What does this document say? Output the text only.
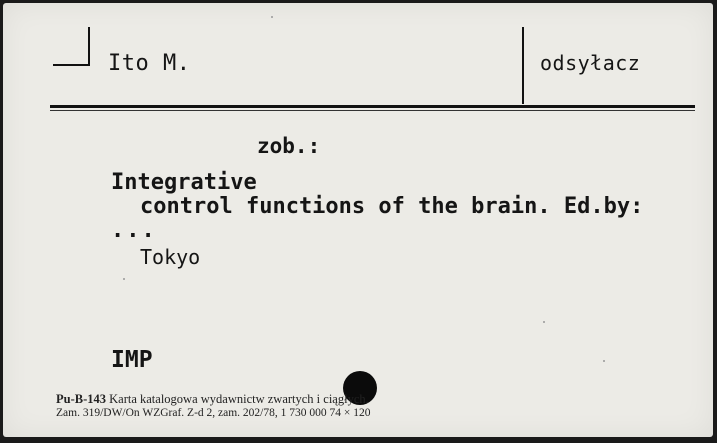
Ito M.	odsyłacz
zob.:
Integrative
control functions of the brain. Ed.by:
...
Tokyo
IMP
Pu-B-143 Karta katalogowa wydawnictw zwartych i ciągłych.
Zam. 319/DW/On WZGraf. Z-d 2, zam. 202/78, 1 730 000 74 × 120
